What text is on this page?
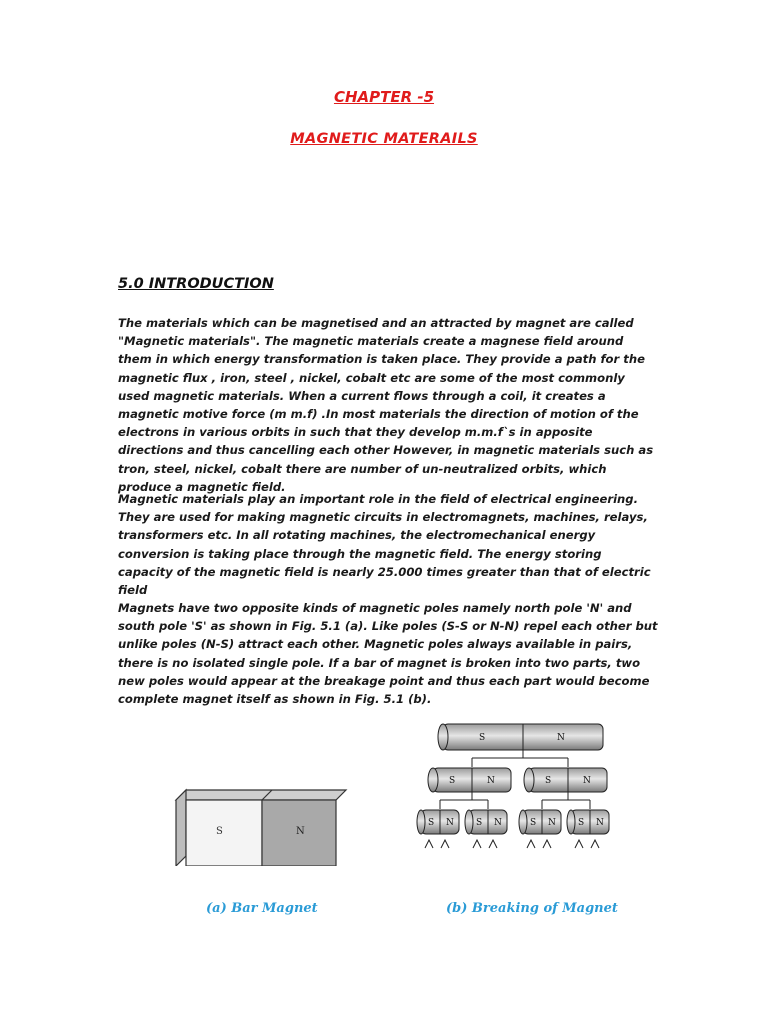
CHAPTER -5
MAGNETIC MATERAILS
5.0 INTRODUCTION

The materials which can be magnetised and an attracted by magnet are called "Magnetic materials". The magnetic materials create a magnese field around them in which energy transformation is taken place. They provide a path for the magnetic flux , iron, steel , nickel, cobalt etc are some of the most commonly used magnetic materials. When a current flows through a coil, it creates a magnetic motive force (m m.f) .In most materials the direction of motion of the electrons in various orbits in such that they develop m.m.f`s in apposite directions and thus cancelling each other However, in magnetic materials such as tron, steel, nickel, cobalt there are number of un-neutralized orbits, which produce a magnetic field.

Magnetic materials play an important role in the field of electrical engineering. They are used for making magnetic circuits in electromagnets, machines, relays, transformers etc. In all rotating machines, the electromechanical energy conversion is taking place through the magnetic field. The energy storing capacity of the magnetic field is nearly 25.000 times greater than that of electric field

Magnets have two opposite kinds of magnetic poles namely north pole 'N' and south pole 'S' as shown in Fig. 5.1 (a). Like poles (S-S or N-N) repel each other but unlike poles (N-S) attract each other. Magnetic poles always available in pairs, there is no isolated single pole. If a bar of magnet is broken into two parts, two new poles would appear at the breakage point and thus each part would become complete magnet itself as shown in Fig. 5.1 (b).

S	N
S	N
S	N	S	N
S N S N	S N S N
(a) Bar Magnet	(b) Breaking of Magnet
